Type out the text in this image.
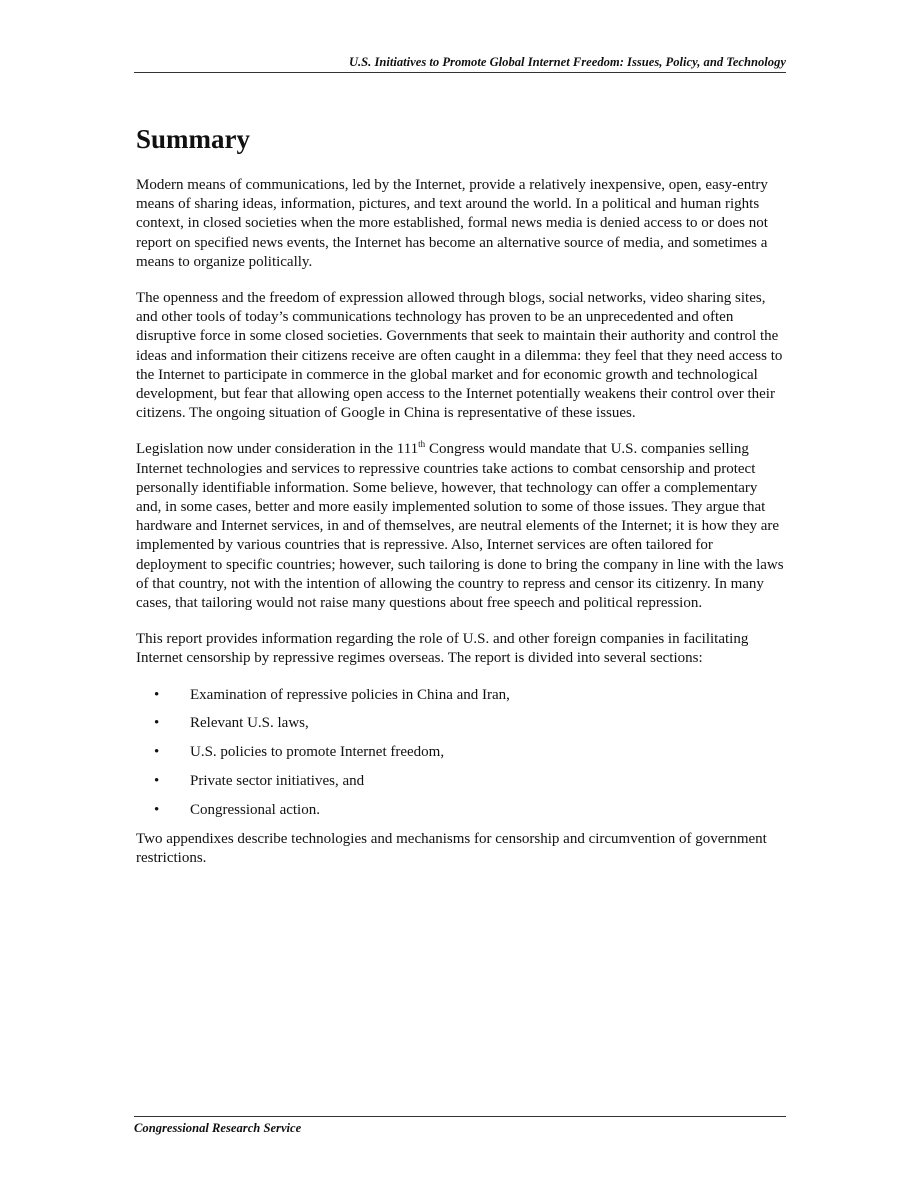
U.S. Initiatives to Promote Global Internet Freedom: Issues, Policy, and Technology
Summary

Modern means of communications, led by the Internet, provide a relatively inexpensive, open, easy-entry means of sharing ideas, information, pictures, and text around the world. In a political and human rights context, in closed societies when the more established, formal news media is denied access to or does not report on specified news events, the Internet has become an alternative source of media, and sometimes a means to organize politically.

The openness and the freedom of expression allowed through blogs, social networks, video sharing sites, and other tools of today’s communications technology has proven to be an unprecedented and often disruptive force in some closed societies. Governments that seek to maintain their authority and control the ideas and information their citizens receive are often caught in a dilemma: they feel that they need access to the Internet to participate in commerce in the global market and for economic growth and technological development, but fear that allowing open access to the Internet potentially weakens their control over their citizens. The ongoing situation of Google in China is representative of these issues.

Legislation now under consideration in the 111th Congress would mandate that U.S. companies selling Internet technologies and services to repressive countries take actions to combat censorship and protect personally identifiable information. Some believe, however, that technology can offer a complementary and, in some cases, better and more easily implemented solution to some of those issues. They argue that hardware and Internet services, in and of themselves, are neutral elements of the Internet; it is how they are implemented by various countries that is repressive. Also, Internet services are often tailored for deployment to specific countries; however, such tailoring is done to bring the company in line with the laws of that country, not with the intention of allowing the country to repress and censor its citizenry. In many cases, that tailoring would not raise many questions about free speech and political repression.

This report provides information regarding the role of U.S. and other foreign companies in facilitating Internet censorship by repressive regimes overseas. The report is divided into several sections:

• Examination of repressive policies in China and Iran,
• Relevant U.S. laws,
• U.S. policies to promote Internet freedom,
• Private sector initiatives, and
• Congressional action.

Two appendixes describe technologies and mechanisms for censorship and circumvention of government restrictions.

Congressional Research Service
